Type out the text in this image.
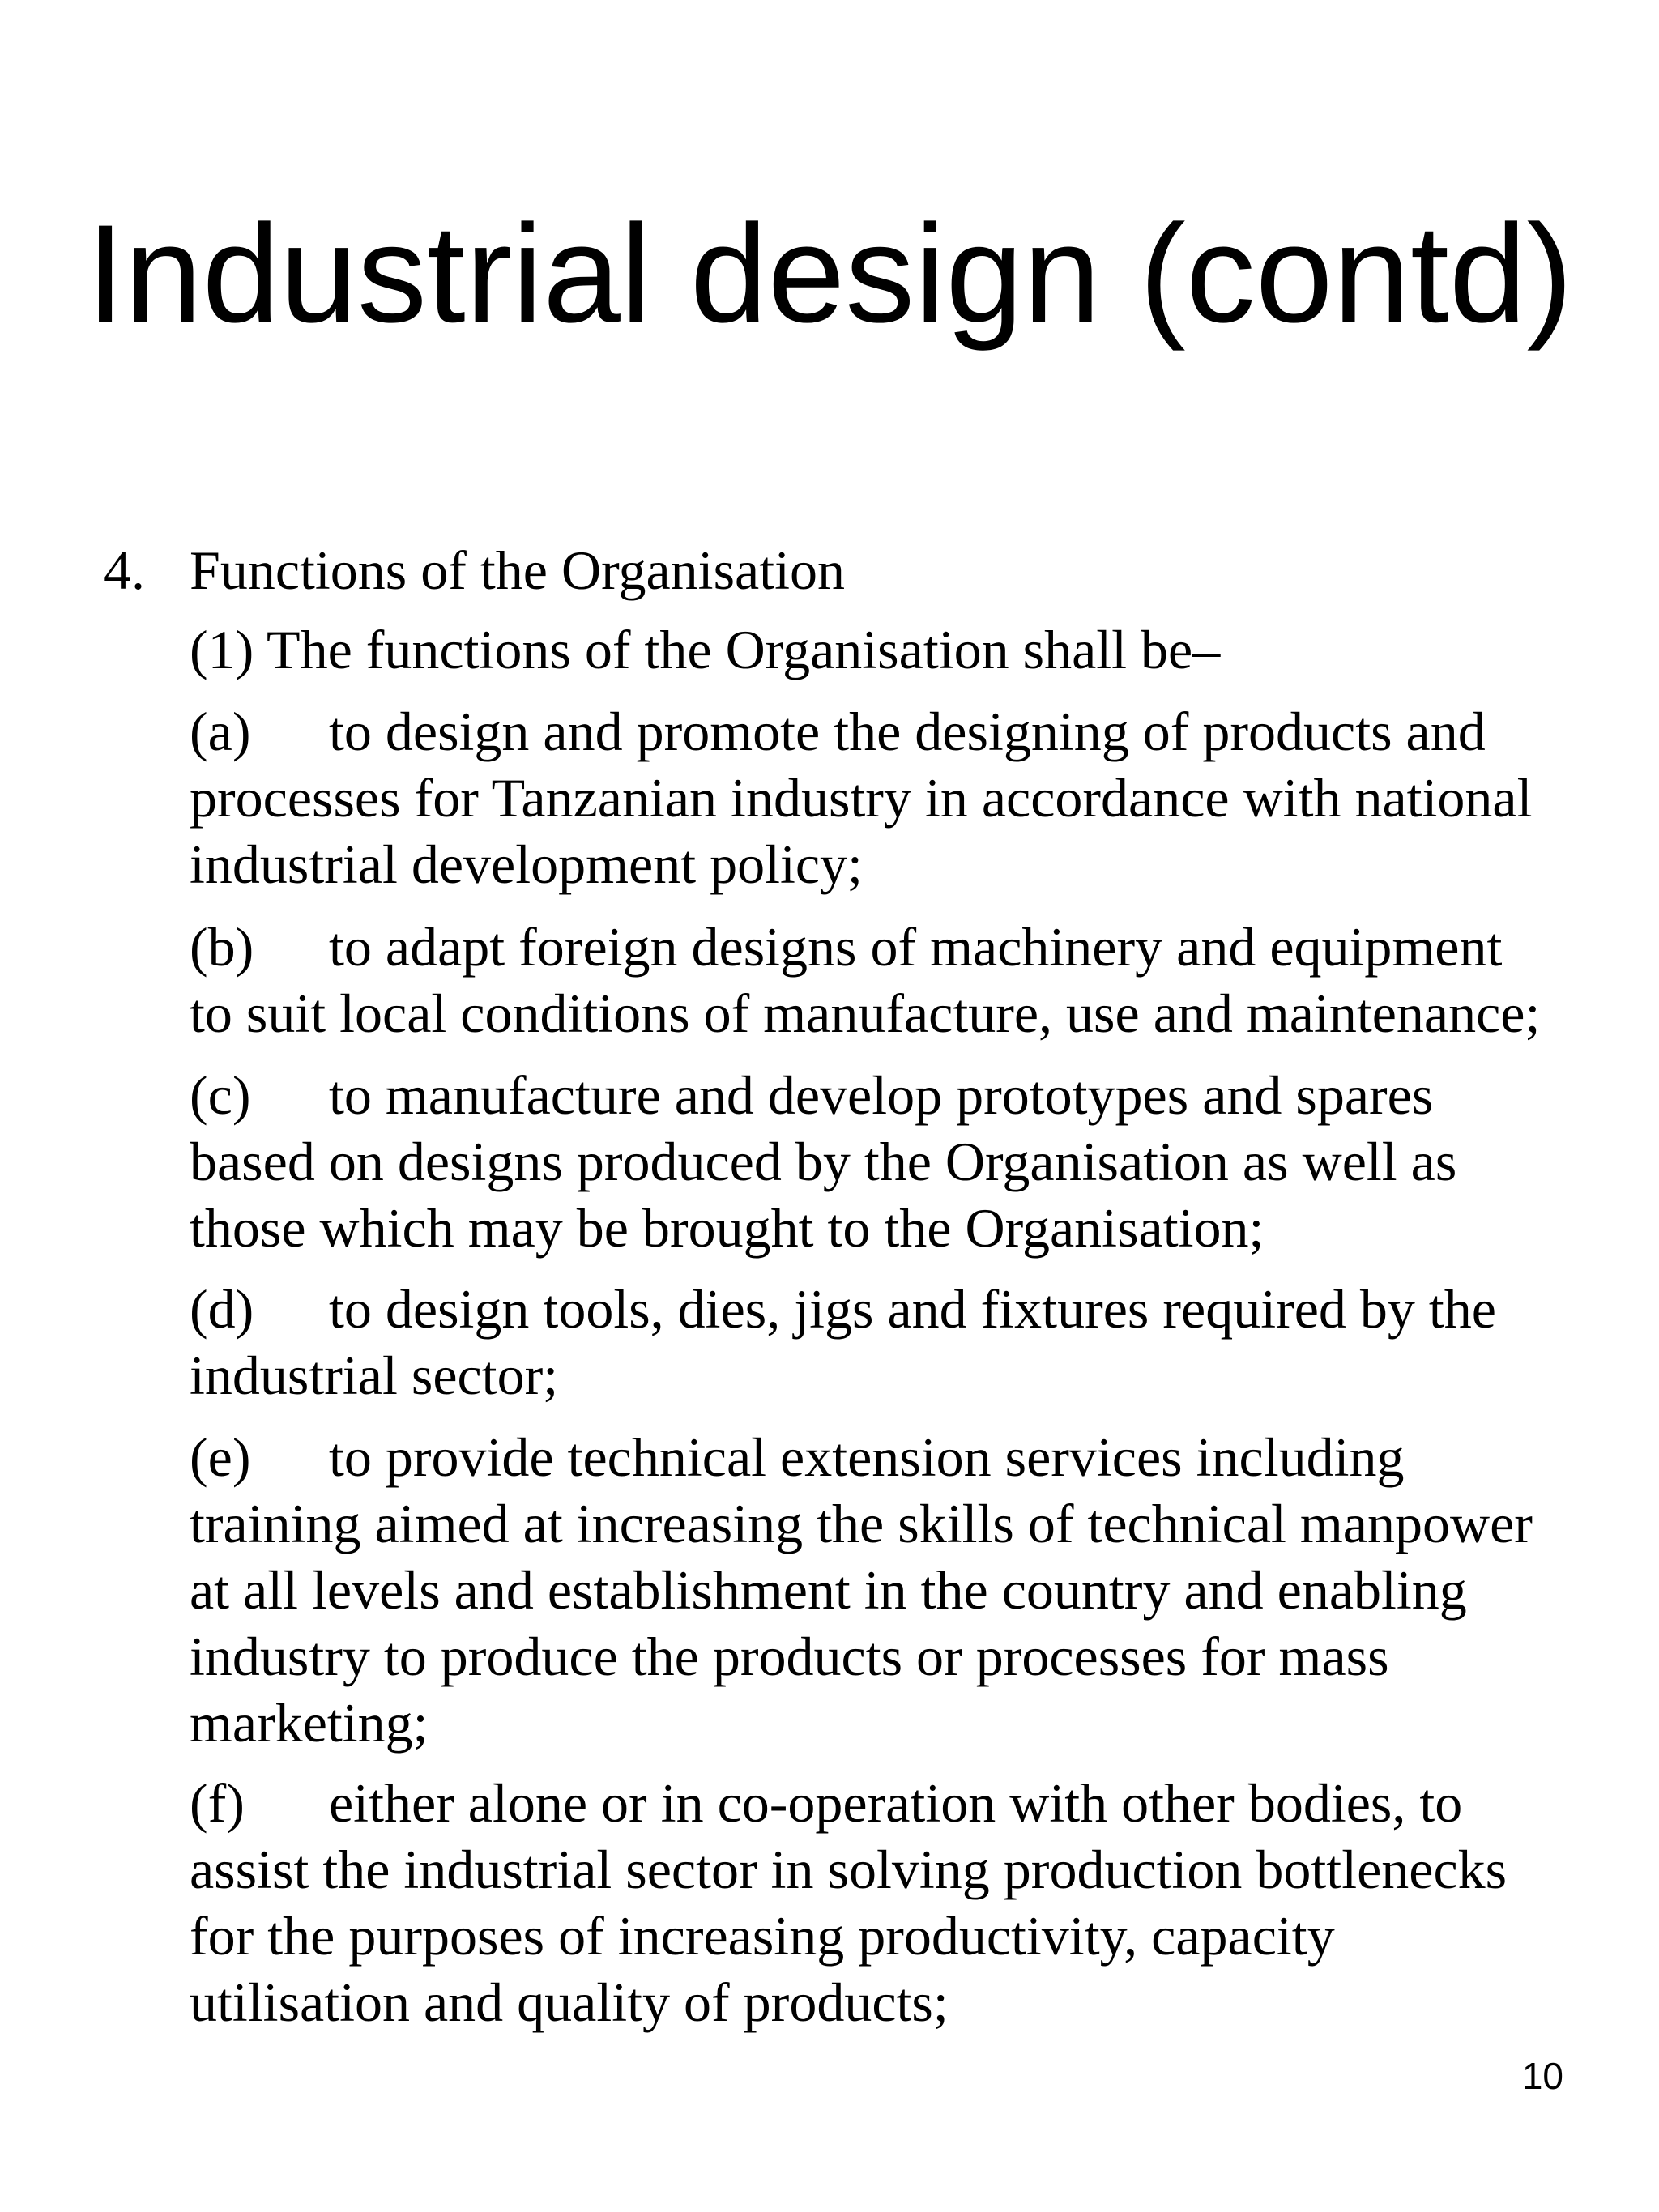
Industrial design (contd)
4. Functions of the Organisation
(1) The functions of the Organisation shall be–
(a) to design and promote the designing of products and
processes for Tanzanian industry in accordance with national
industrial development policy;
(b) to adapt foreign designs of machinery and equipment
to suit local conditions of manufacture, use and maintenance;
(c) to manufacture and develop prototypes and spares
based on designs produced by the Organisation as well as
those which may be brought to the Organisation;
(d) to design tools, dies, jigs and fixtures required by the
industrial sector;
(e) to provide technical extension services including
training aimed at increasing the skills of technical manpower
at all levels and establishment in the country and enabling
industry to produce the products or processes for mass
marketing;
(f) either alone or in co-operation with other bodies, to
assist the industrial sector in solving production bottlenecks
for the purposes of increasing productivity, capacity
utilisation and quality of products;
10
